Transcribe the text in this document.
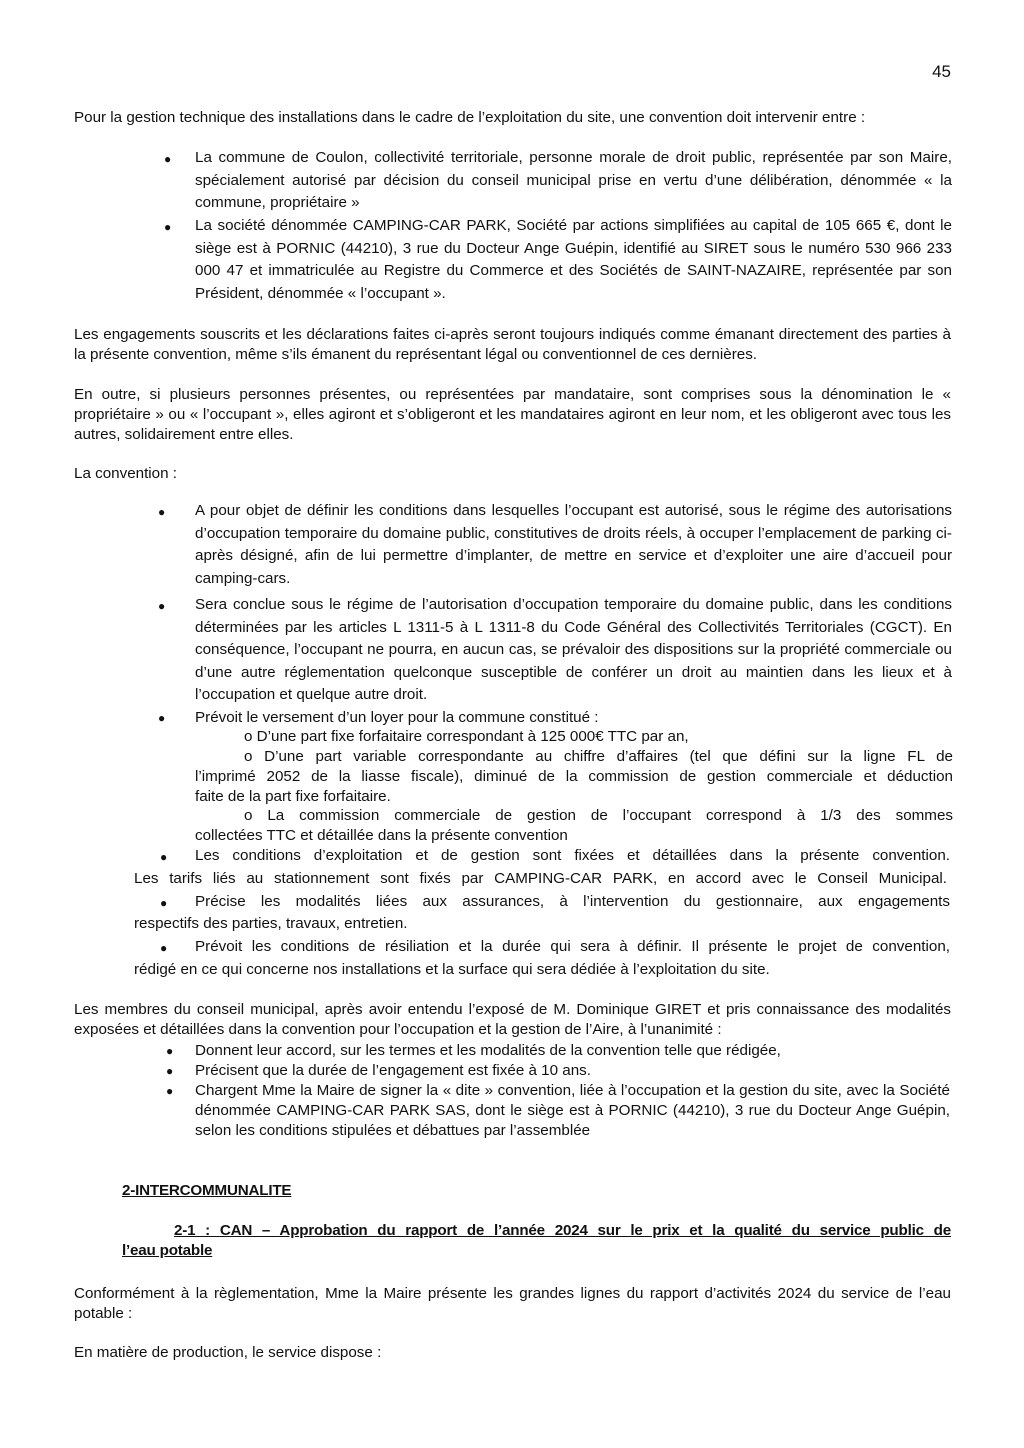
45
Pour la gestion technique des installations dans le cadre de l’exploitation du site, une convention doit intervenir entre :
● La commune de Coulon, collectivité territoriale, personne morale de droit public, représentée par son Maire, spécialement autorisé par décision du conseil municipal prise en vertu d’une délibération, dénommée « la commune, propriétaire »
● La société dénommée CAMPING-CAR PARK, Société par actions simplifiées au capital de 105 665 €, dont le siège est à PORNIC (44210), 3 rue du Docteur Ange Guépin, identifié au SIRET sous le numéro 530 966 233 000 47 et immatriculée au Registre du Commerce et des Sociétés de SAINT-NAZAIRE, représentée par son Président, dénommée « l’occupant ».
Les engagements souscrits et les déclarations faites ci-après seront toujours indiqués comme émanant directement des parties à la présente convention, même s’ils émanent du représentant légal ou conventionnel de ces dernières.
En outre, si plusieurs personnes présentes, ou représentées par mandataire, sont comprises sous la dénomination le « propriétaire » ou « l’occupant », elles agiront et s’obligeront et les mandataires agiront en leur nom, et les obligeront avec tous les autres, solidairement entre elles.
La convention :
● A pour objet de définir les conditions dans lesquelles l’occupant est autorisé, sous le régime des autorisations d’occupation temporaire du domaine public, constitutives de droits réels, à occuper l’emplacement de parking ci-après désigné, afin de lui permettre d’implanter, de mettre en service et d’exploiter une aire d’accueil pour camping-cars.
● Sera conclue sous le régime de l’autorisation d’occupation temporaire du domaine public, dans les conditions déterminées par les articles L 1311-5 à L 1311-8 du Code Général des Collectivités Territoriales (CGCT). En conséquence, l’occupant ne pourra, en aucun cas, se prévaloir des dispositions sur la propriété commerciale ou d’une autre réglementation quelconque susceptible de conférer un droit au maintien dans les lieux et à l’occupation et quelque autre droit.
● Prévoit le versement d’un loyer pour la commune constitué :
o D’une part fixe forfaitaire correspondant à 125 000€ TTC par an,
o D’une part variable correspondante au chiffre d’affaires (tel que défini sur la ligne FL de
l’imprimé 2052 de la liasse fiscale), diminué de la commission de gestion commerciale et déduction
faite de la part fixe forfaitaire.
o La commission commerciale de gestion de l’occupant correspond à 1/3 des sommes
collectées TTC et détaillée dans la présente convention
● Les conditions d’exploitation et de gestion sont fixées et détaillées dans la présente convention.
Les tarifs liés au stationnement sont fixés par CAMPING-CAR PARK, en accord avec le Conseil Municipal.
● Précise les modalités liées aux assurances, à l’intervention du gestionnaire, aux engagements
respectifs des parties, travaux, entretien.
● Prévoit les conditions de résiliation et la durée qui sera à définir. Il présente le projet de convention,
rédigé en ce qui concerne nos installations et la surface qui sera dédiée à l’exploitation du site.
Les membres du conseil municipal, après avoir entendu l’exposé de M. Dominique GIRET et pris connaissance des modalités exposées et détaillées dans la convention pour l’occupation et la gestion de l’Aire, à l’unanimité :
● Donnent leur accord, sur les termes et les modalités de la convention telle que rédigée,
● Précisent que la durée de l’engagement est fixée à 10 ans.
● Chargent Mme la Maire de signer la « dite » convention, liée à l’occupation et la gestion du site, avec la Société dénommée CAMPING-CAR PARK SAS, dont le siège est à PORNIC (44210), 3 rue du Docteur Ange Guépin, selon les conditions stipulées et débattues par l’assemblée
2-INTERCOMMUNALITE
2-1 : CAN – Approbation du rapport de l’année 2024 sur le prix et la qualité du service public de
l’eau potable
Conformément à la règlementation, Mme la Maire présente les grandes lignes du rapport d’activités 2024 du service de l’eau potable :
En matière de production, le service dispose :
